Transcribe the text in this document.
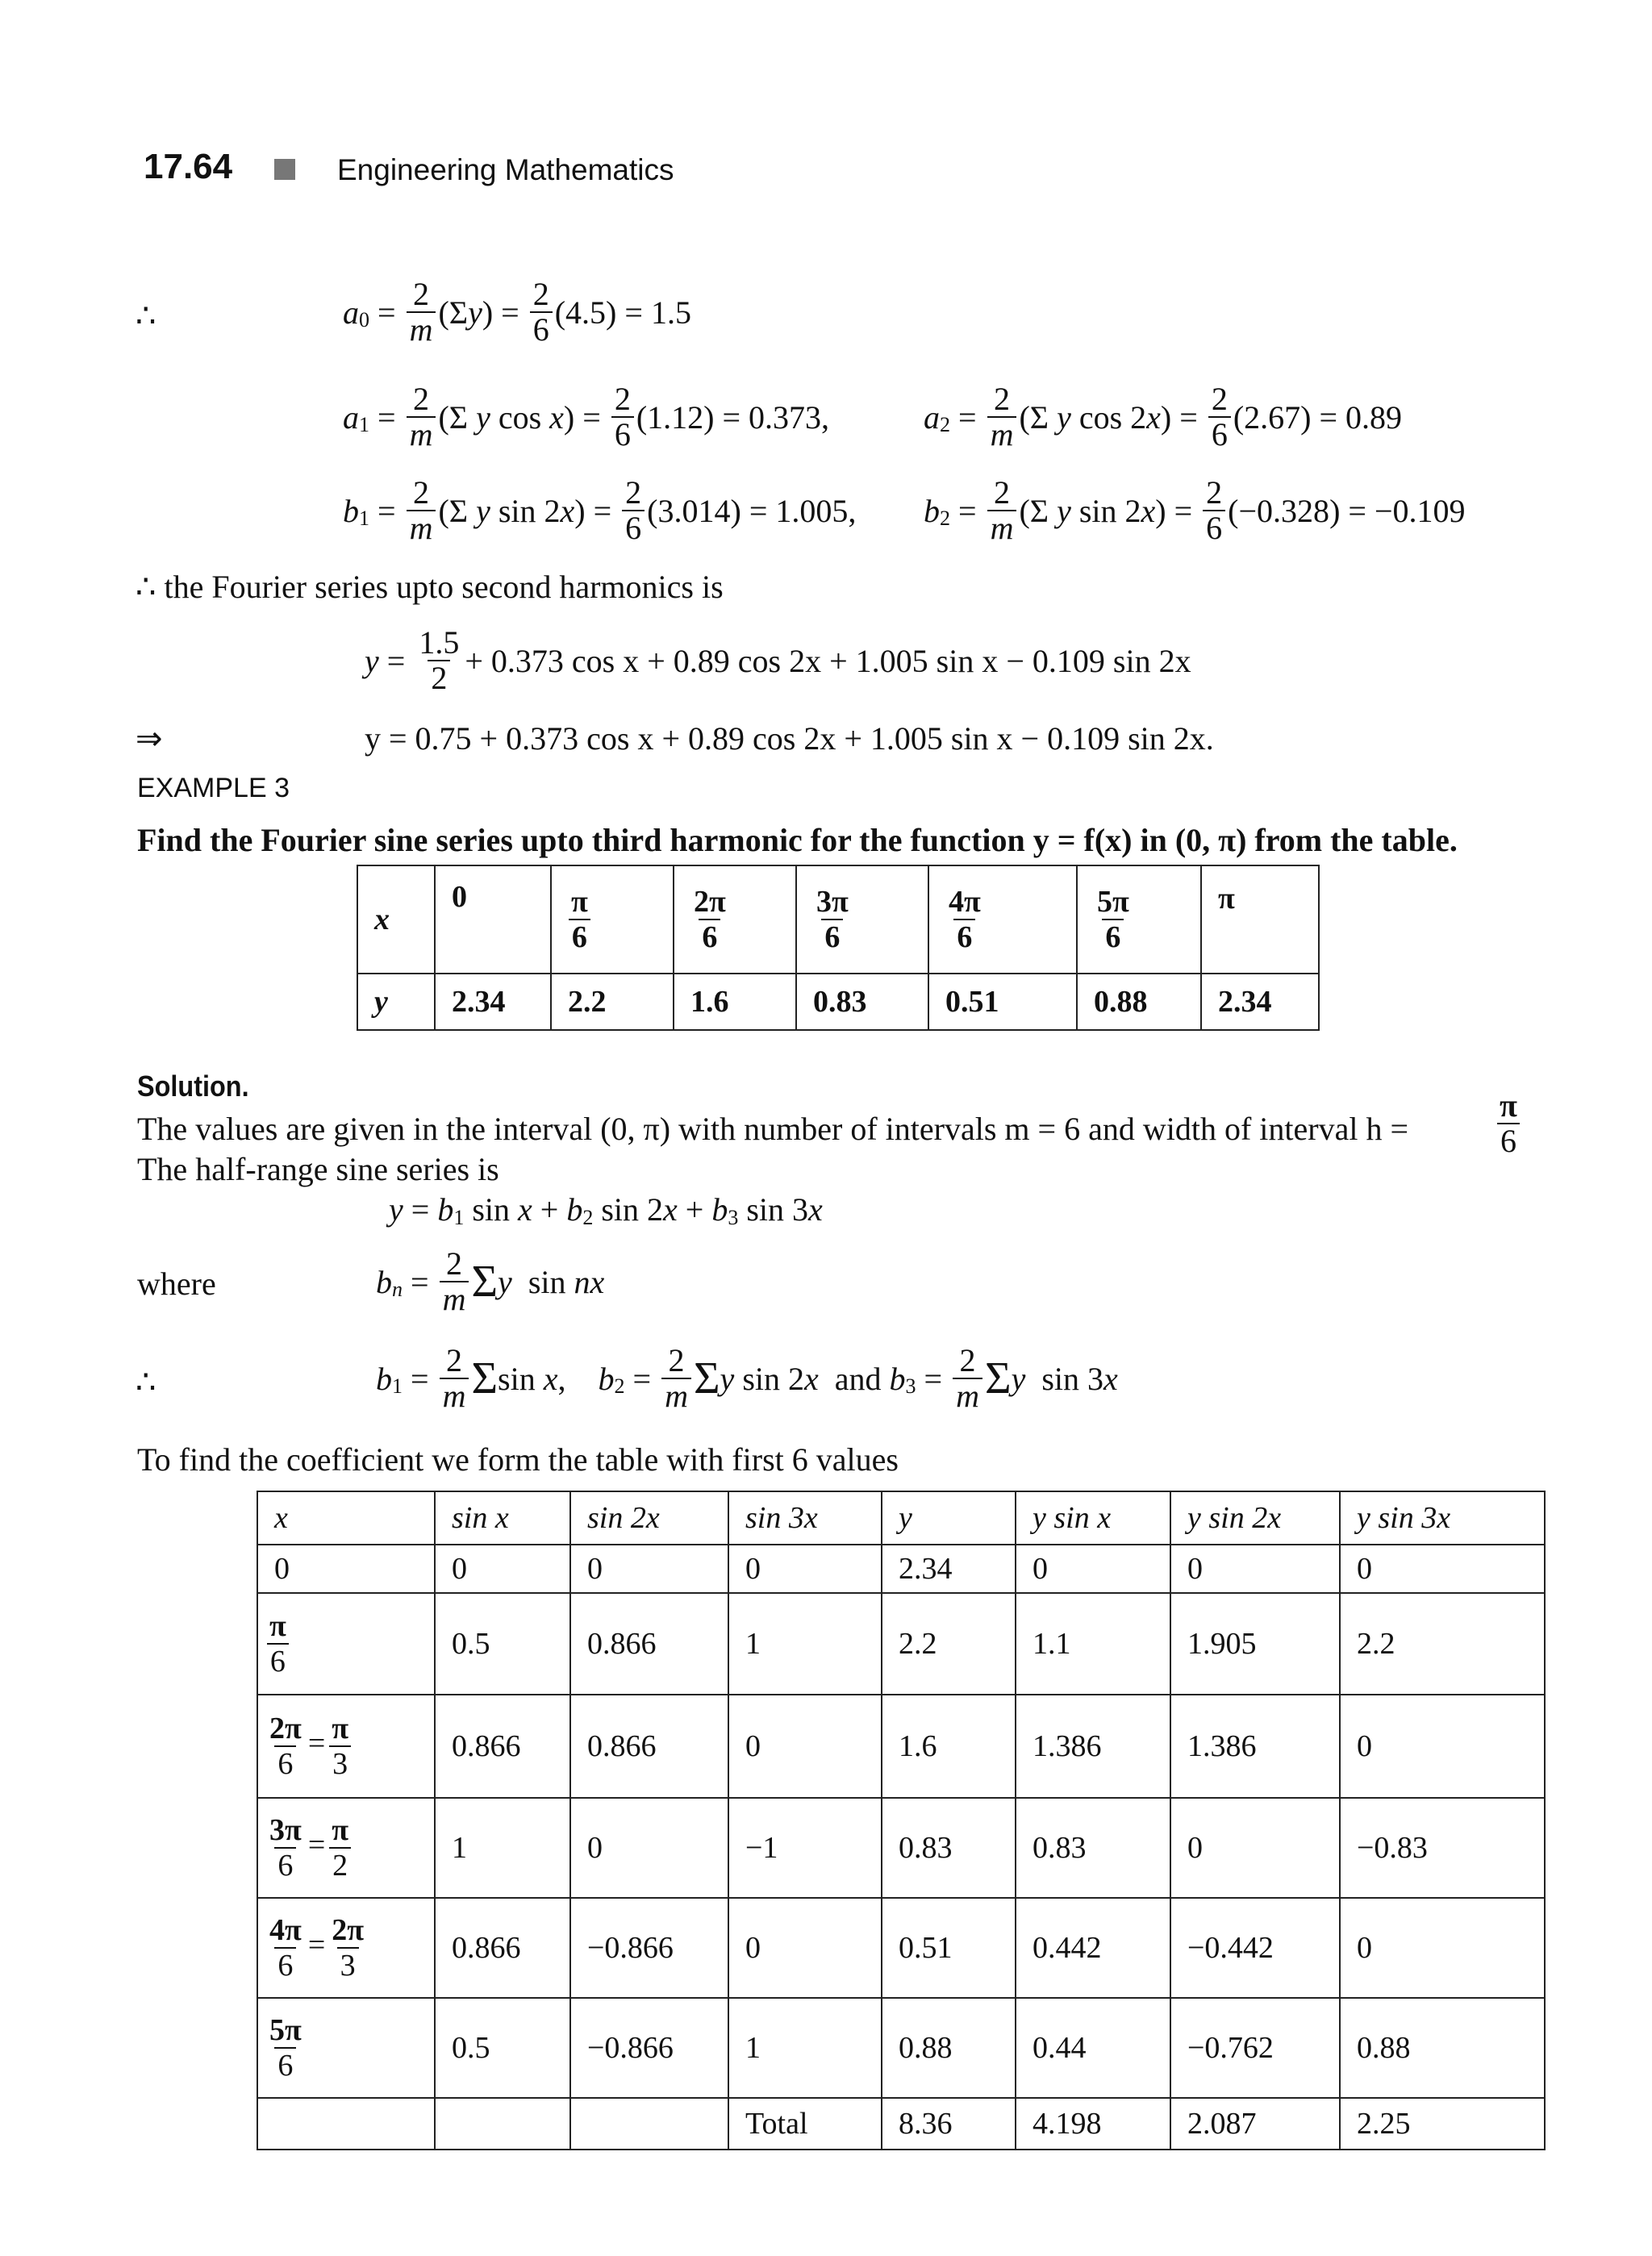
17.64	Engineering Mathematics
∴	a 0 = 2
m (Σ y ) = 2
6 ( 4.5 ) = 1.5
a 1 = 2
m (Σ y cos x ) = 2
6 ( 1.12 ) = 0.373,	a 2 = 2
m (Σ y cos 2 x ) = 2
6 ( 2.67 ) = 0.89
b 1 = 2
m (Σ y sin 2 x ) = 2
6 ( 3.014 ) = 1.005, b 2 = 2
m (Σ y sin 2 x ) = 2
6 ( −0.328 ) = −0.109
∴ the Fourier series upto second harmonics is
y = 1.5
2 + 0.373 cos x + 0.89 cos 2x + 1.005 sin x − 0.109 sin 2x
⇒	y = 0.75 + 0.373 cos x + 0.89 cos 2x + 1.005 sin x − 0.109 sin 2x.
EXAMPLE 3
Find the Fourier sine series upto third harmonic for the function y = f(x) in (0, π) from the table.
x	0	$\frac{\pi}{6}$	$\frac{2\pi}{6}$	$\frac{3\pi}{6}$	$\frac{4\pi}{6}$	$\frac{5\pi}{6}$	π
y	2.34	2.2	1.6	0.83	0.51	0.88	2.34
Solution.
The values are given in the interval (0, π) with number of intervals m = 6 and width of interval h =
π
6
The half-range sine series is
y = b 1 sin x + b 2 sin 2 x + b 3 sin 3 x
where	b n = 2
m Σ y sin nx
∴	b 1 = 2
m Σ sin x , b 2 = 2
m Σ y sin 2 x and b 3 = 2
m Σ y sin 3 x
To find the coefficient we form the table with first 6 values
x	sin x	sin 2x	sin 3x	y	y sin x	y sin 2x	y sin 3x
0	0	0	0	2.34	0	0	0

$\frac{\pi}{6}$	0.5	0.866	1	2.2	1.1	1.905	2.2

$\frac{2\pi}{6} = \frac{\pi}{3}$	0.866	0.866	0	1.6	1.386	1.386	0

$\frac{3\pi}{6} = \frac{\pi}{2}$	1	0	−1	0.83	0.83	0	−0.83

$\frac{4\pi}{6} = \frac{2\pi}{3}$	0.866	−0.866	0	0.51	0.442	−0.442	0

$\frac{5\pi}{6}$	0.5	−0.866	1	0.88	0.44	−0.762	0.88
			Total	8.36	4.198	2.087	2.25
